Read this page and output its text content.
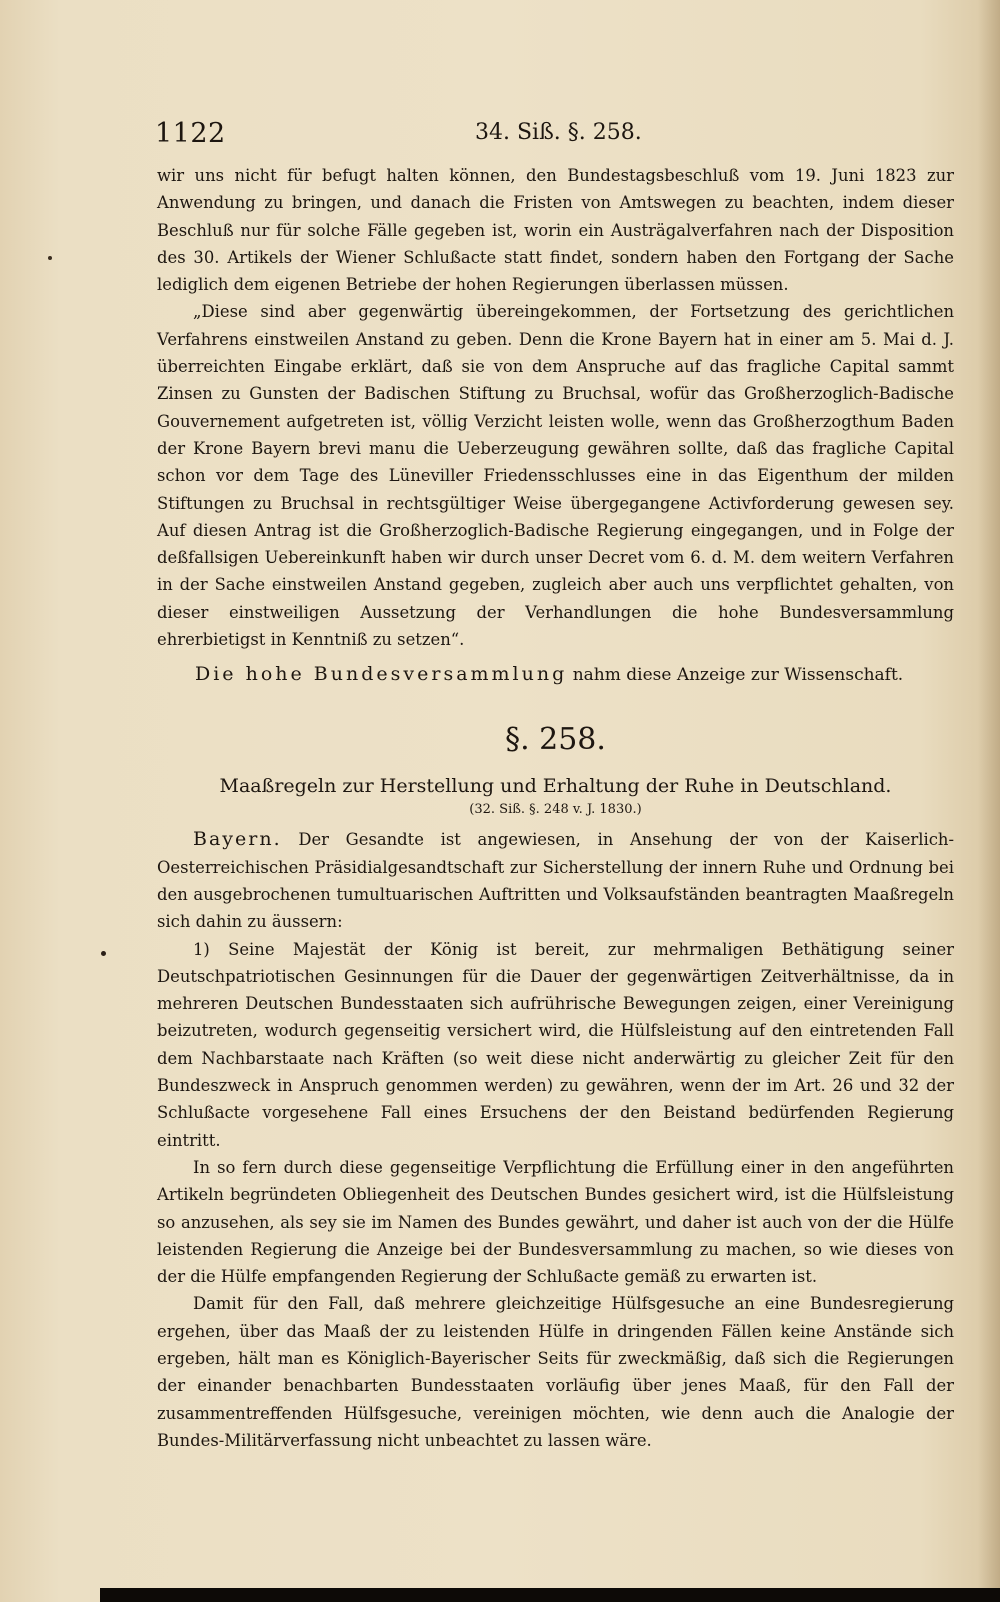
1122	34. Siß. §. 258.

wir uns nicht für befugt halten können, den Bundestagsbeschluß vom 19. Juni 1823 zur Anwendung zu bringen, und danach die Fristen von Amtswegen zu beachten, indem dieser Beschluß nur für solche Fälle gegeben ist, worin ein Austrägalverfahren nach der Disposition des 30. Artikels der Wiener Schlußacte statt findet, sondern haben den Fortgang der Sache lediglich dem eigenen Betriebe der hohen Regierungen überlassen müssen.

„Diese sind aber gegenwärtig übereingekommen, der Fortsetzung des gerichtlichen Verfahrens einstweilen Anstand zu geben. Denn die Krone Bayern hat in einer am 5. Mai d. J. überreichten Eingabe erklärt, daß sie von dem Anspruche auf das fragliche Capital sammt Zinsen zu Gunsten der Badischen Stiftung zu Bruchsal, wofür das Großherzoglich-Badische Gouvernement aufgetreten ist, völlig Verzicht leisten wolle, wenn das Großherzogthum Baden der Krone Bayern brevi manu die Ueberzeugung gewähren sollte, daß das fragliche Capital schon vor dem Tage des Lüneviller Friedensschlusses eine in das Eigenthum der milden Stiftungen zu Bruchsal in rechtsgültiger Weise übergegangene Activforderung gewesen sey. Auf diesen Antrag ist die Großherzoglich-Badische Regierung eingegangen, und in Folge der deßfallsigen Uebereinkunft haben wir durch unser Decret vom 6. d. M. dem weitern Verfahren in der Sache einstweilen Anstand gegeben, zugleich aber auch uns verpflichtet gehalten, von dieser einstweiligen Aussetzung der Verhandlungen die hohe Bundesversammlung ehrerbietigst in Kenntniß zu setzen“.

Die hohe Bundesversammlung nahm diese Anzeige zur Wissenschaft.

§. 258.

Maaßregeln zur Herstellung und Erhaltung der Ruhe in Deutschland.

(32. Siß. §. 248 v. J. 1830.)

Bayern. Der Gesandte ist angewiesen, in Ansehung der von der Kaiserlich-Oesterreichischen Präsidialgesandtschaft zur Sicherstellung der innern Ruhe und Ordnung bei den ausgebrochenen tumultuarischen Auftritten und Volksaufständen beantragten Maaßregeln sich dahin zu äussern:

1) Seine Majestät der König ist bereit, zur mehrmaligen Bethätigung seiner Deutschpatriotischen Gesinnungen für die Dauer der gegenwärtigen Zeitverhältnisse, da in mehreren Deutschen Bundesstaaten sich aufrührische Bewegungen zeigen, einer Vereinigung beizutreten, wodurch gegenseitig versichert wird, die Hülfsleistung auf den eintretenden Fall dem Nachbarstaate nach Kräften (so weit diese nicht anderwärtig zu gleicher Zeit für den Bundeszweck in Anspruch genommen werden) zu gewähren, wenn der im Art. 26 und 32 der Schlußacte vorgesehene Fall eines Ersuchens der den Beistand bedürfenden Regierung eintritt.

In so fern durch diese gegenseitige Verpflichtung die Erfüllung einer in den angeführten Artikeln begründeten Obliegenheit des Deutschen Bundes gesichert wird, ist die Hülfsleistung so anzusehen, als sey sie im Namen des Bundes gewährt, und daher ist auch von der die Hülfe leistenden Regierung die Anzeige bei der Bundesversammlung zu machen, so wie dieses von der die Hülfe empfangenden Regierung der Schlußacte gemäß zu erwarten ist.

Damit für den Fall, daß mehrere gleichzeitige Hülfsgesuche an eine Bundesregierung ergehen, über das Maaß der zu leistenden Hülfe in dringenden Fällen keine Anstände sich ergeben, hält man es Königlich-Bayerischer Seits für zweckmäßig, daß sich die Regierungen der einander benachbarten Bundesstaaten vorläufig über jenes Maaß, für den Fall der zusammentreffenden Hülfsgesuche, vereinigen möchten, wie denn auch die Analogie der Bundes-Militärverfassung nicht unbeachtet zu lassen wäre.
